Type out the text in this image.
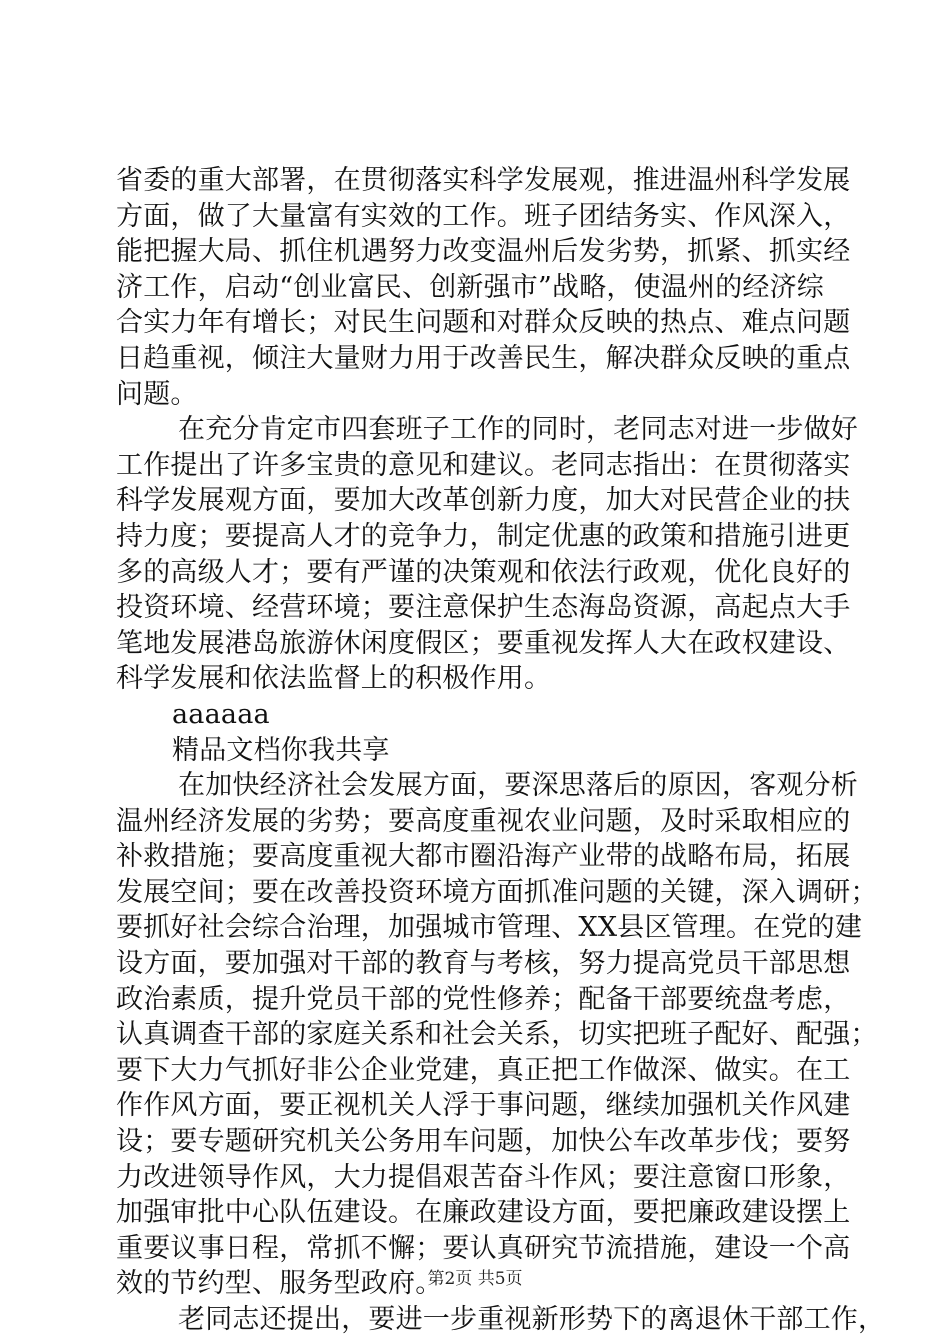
省委的重大部署，在贯彻落实科学发展观，推进温州科学发展
方面，做了大量富有实效的工作。班子团结务实、作风深入，
能把握大局、抓住机遇努力改变温州后发劣势，抓紧、抓实经
济工作，启动“创业富民、创新强市”战略，使温州的经济综
合实力年有增长；对民生问题和对群众反映的热点、难点问题
日趋重视，倾注大量财力用于改善民生，解决群众反映的重点
问题。
在充分肯定市四套班子工作的同时，老同志对进一步做好
工作提出了许多宝贵的意见和建议。老同志指出：在贯彻落实
科学发展观方面，要加大改革创新力度，加大对民营企业的扶
持力度；要提高人才的竞争力，制定优惠的政策和措施引进更
多的高级人才；要有严谨的决策观和依法行政观，优化良好的
投资环境、经营环境；要注意保护生态海岛资源，高起点大手
笔地发展港岛旅游休闲度假区；要重视发挥人大在政权建设、
科学发展和依法监督上的积极作用。
aaaaaa
精品文档你我共享
在加快经济社会发展方面，要深思落后的原因，客观分析
温州经济发展的劣势；要高度重视农业问题，及时采取相应的
补救措施；要高度重视大都市圈沿海产业带的战略布局，拓展
发展空间；要在改善投资环境方面抓准问题的关键，深入调研；
要抓好社会综合治理，加强城市管理、XX县区管理。在党的建
设方面，要加强对干部的教育与考核，努力提高党员干部思想
政治素质，提升党员干部的党性修养；配备干部要统盘考虑，
认真调查干部的家庭关系和社会关系，切实把班子配好、配强；
要下大力气抓好非公企业党建，真正把工作做深、做实。在工
作作风方面，要正视机关人浮于事问题，继续加强机关作风建
设；要专题研究机关公务用车问题，加快公车改革步伐；要努
力改进领导作风，大力提倡艰苦奋斗作风；要注意窗口形象，
加强审批中心队伍建设。在廉政建设方面，要把廉政建设摆上
重要议事日程，常抓不懈；要认真研究节流措施，建设一个高
效的节约型、服务型政府。
老同志还提出，要进一步重视新形势下的离退休干部工作，
第2页 共5页
